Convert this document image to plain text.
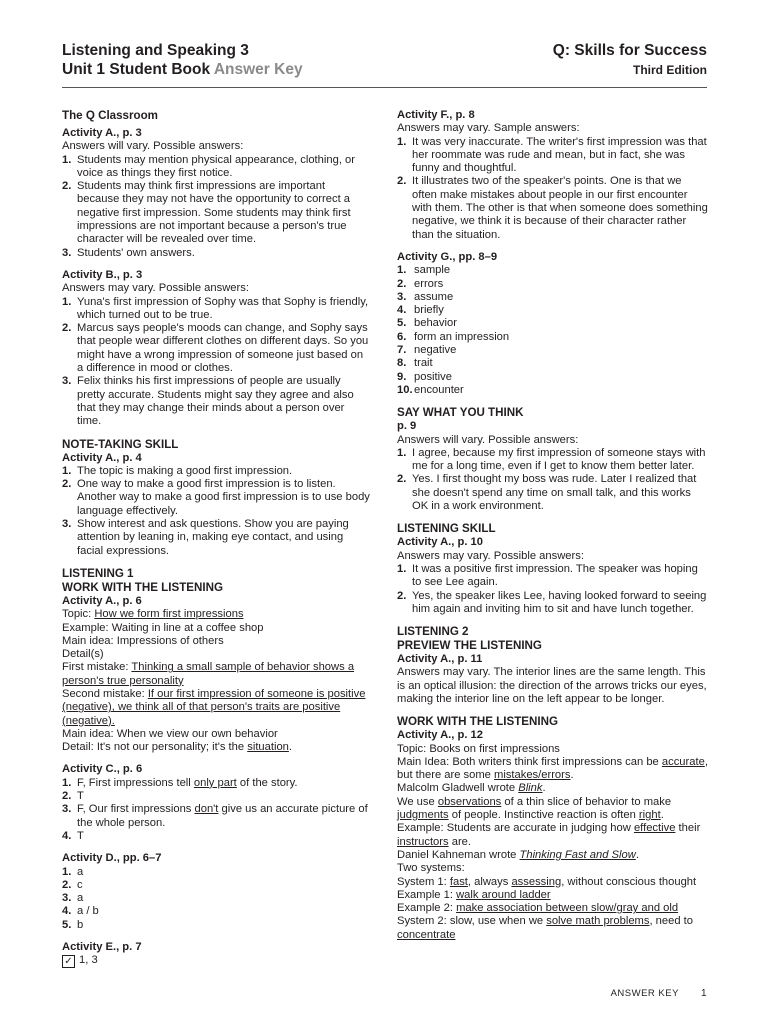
Listening and Speaking 3
Unit 1 Student Book Answer Key
Q: Skills for Success
Third Edition
The Q Classroom
Activity A., p. 3
Answers will vary. Possible answers:
1. Students may mention physical appearance, clothing, or voice as things they first notice.
2. Students may think first impressions are important because they may not have the opportunity to correct a negative first impression. Some students may think first impressions are not important because a person's true character will be revealed over time.
3. Students' own answers.
Activity B., p. 3
Answers may vary. Possible answers:
1. Yuna's first impression of Sophy was that Sophy is friendly, which turned out to be true.
2. Marcus says people's moods can change, and Sophy says that people wear different clothes on different days. So you might have a wrong impression of someone just based on a difference in mood or clothes.
3. Felix thinks his first impressions of people are usually pretty accurate. Students might say they agree and also that they may change their minds about a person over time.
NOTE-TAKING SKILL
Activity A., p. 4
1. The topic is making a good first impression.
2. One way to make a good first impression is to listen. Another way to make a good first impression is to use body language effectively.
3. Show interest and ask questions. Show you are paying attention by leaning in, making eye contact, and using facial expressions.
LISTENING 1
WORK WITH THE LISTENING
Activity A., p. 6
Topic: How we form first impressions
Example: Waiting in line at a coffee shop
Main idea: Impressions of others
Detail(s)
First mistake: Thinking a small sample of behavior shows a person's true personality
Second mistake: If our first impression of someone is positive (negative), we think all of that person's traits are positive (negative).
Main idea: When we view our own behavior
Detail: It's not our personality; it's the situation.
Activity C., p. 6
1. F, First impressions tell only part of the story.
2. T
3. F, Our first impressions don't give us an accurate picture of the whole person.
4. T
Activity D., pp. 6–7
1. a
2. c
3. a
4. a / b
5. b
Activity E., p. 7
✓ 1, 3
Activity F., p. 8
Answers may vary. Sample answers:
1. It was very inaccurate. The writer's first impression was that her roommate was rude and mean, but in fact, she was funny and thoughtful.
2. It illustrates two of the speaker's points. One is that we often make mistakes about people in our first encounter with them. The other is that when someone does something negative, we think it is because of their character rather than the situation.
Activity G., pp. 8–9
1. sample
2. errors
3. assume
4. briefly
5. behavior
6. form an impression
7. negative
8. trait
9. positive
10. encounter
SAY WHAT YOU THINK
p. 9
Answers will vary. Possible answers:
1. I agree, because my first impression of someone stays with me for a long time, even if I get to know them better later.
2. Yes. I first thought my boss was rude. Later I realized that she doesn't spend any time on small talk, and this works OK in a work environment.
LISTENING SKILL
Activity A., p. 10
Answers may vary. Possible answers:
1. It was a positive first impression. The speaker was hoping to see Lee again.
2. Yes, the speaker likes Lee, having looked forward to seeing him again and inviting him to sit and have lunch together.
LISTENING 2
PREVIEW THE LISTENING
Activity A., p. 11
Answers may vary. The interior lines are the same length. This is an optical illusion: the direction of the arrows tricks our eyes, making the interior line on the left appear to be longer.
WORK WITH THE LISTENING
Activity A., p. 12
Topic: Books on first impressions
Main Idea: Both writers think first impressions can be accurate, but there are some mistakes/errors.
Malcolm Gladwell wrote Blink.
We use observations of a thin slice of behavior to make judgments of people. Instinctive reaction is often right.
Example: Students are accurate in judging how effective their instructors are.
Daniel Kahneman wrote Thinking Fast and Slow.
Two systems:
System 1: fast, always assessing, without conscious thought
Example 1: walk around ladder
Example 2: make association between slow/gray and old
System 2: slow, use when we solve math problems, need to concentrate
ANSWER KEY 1
